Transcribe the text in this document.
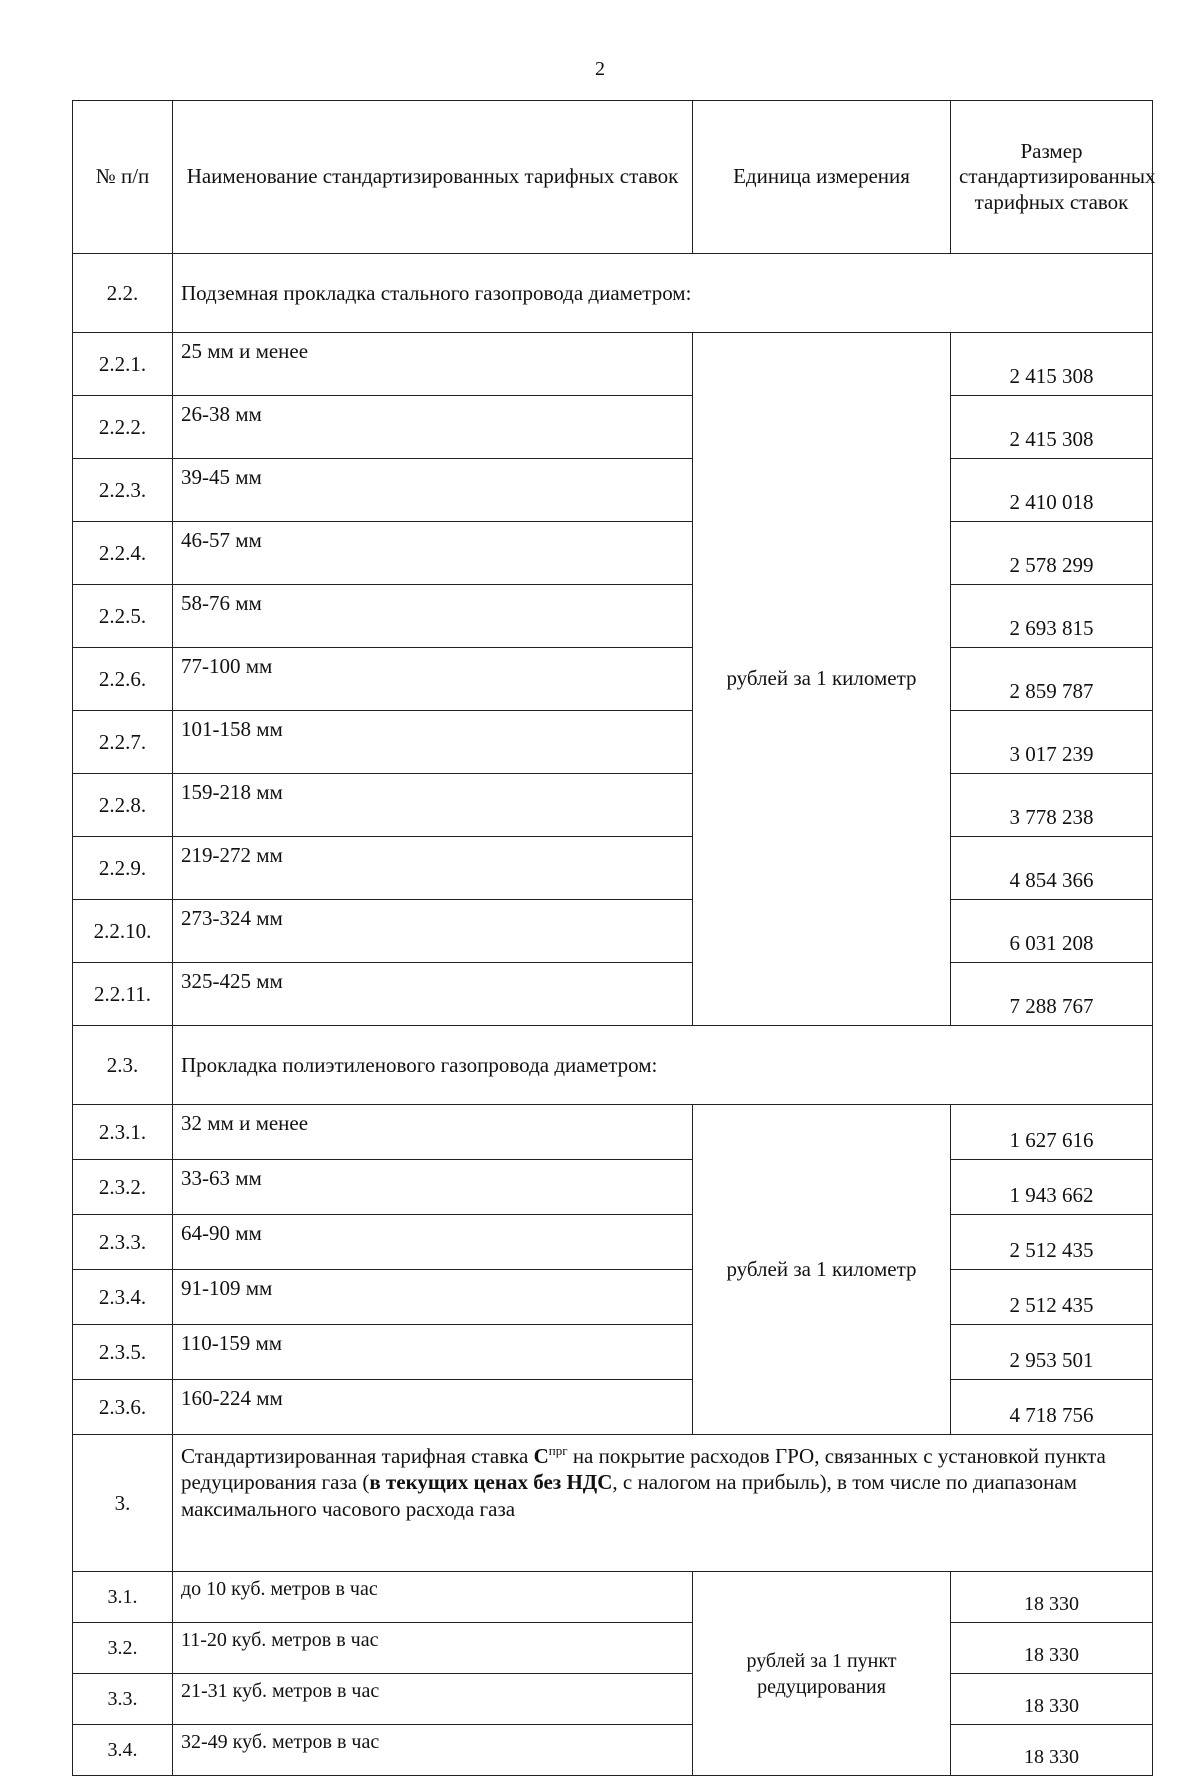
2
№ п/п	Наименование стандартизированных тарифных ставок	Единица измерения	Размер стандартизированных тарифных ставок
2.2.	Подземная прокладка стального газопровода диаметром:		
2.2.1.	25 мм и менее	рублей за 1 километр	2 415 308
2.2.2.	26-38 мм		2 415 308
2.2.3.	39-45 мм		2 410 018
2.2.4.	46-57 мм		2 578 299
2.2.5.	58-76 мм		2 693 815
2.2.6.	77-100 мм		2 859 787
2.2.7.	101-158 мм		3 017 239
2.2.8.	159-218 мм		3 778 238
2.2.9.	219-272 мм		4 854 366
2.2.10.	273-324 мм		6 031 208
2.2.11.	325-425 мм		7 288 767
2.3.	Прокладка полиэтиленового газопровода диаметром:		
2.3.1.	32 мм и менее	рублей за 1 километр	1 627 616
2.3.2.	33-63 мм		1 943 662
2.3.3.	64-90 мм		2 512 435
2.3.4.	91-109 мм		2 512 435
2.3.5.	110-159 мм		2 953 501
2.3.6.	160-224 мм		4 718 756
3.	Стандартизированная тарифная ставка $С^{прг}$ на покрытие расходов ГРО, связанных с установкой пункта редуцирования газа (в текущих ценах без НДС, с налогом на прибыль), в том числе по диапазонам максимального часового расхода газа		
3.1.	до 10 куб. метров в час	рублей за 1 пункт редуцирования	18 330
3.2.	11-20 куб. метров в час		18 330
3.3.	21-31 куб. метров в час		18 330
3.4.	32-49 куб. метров в час		18 330
